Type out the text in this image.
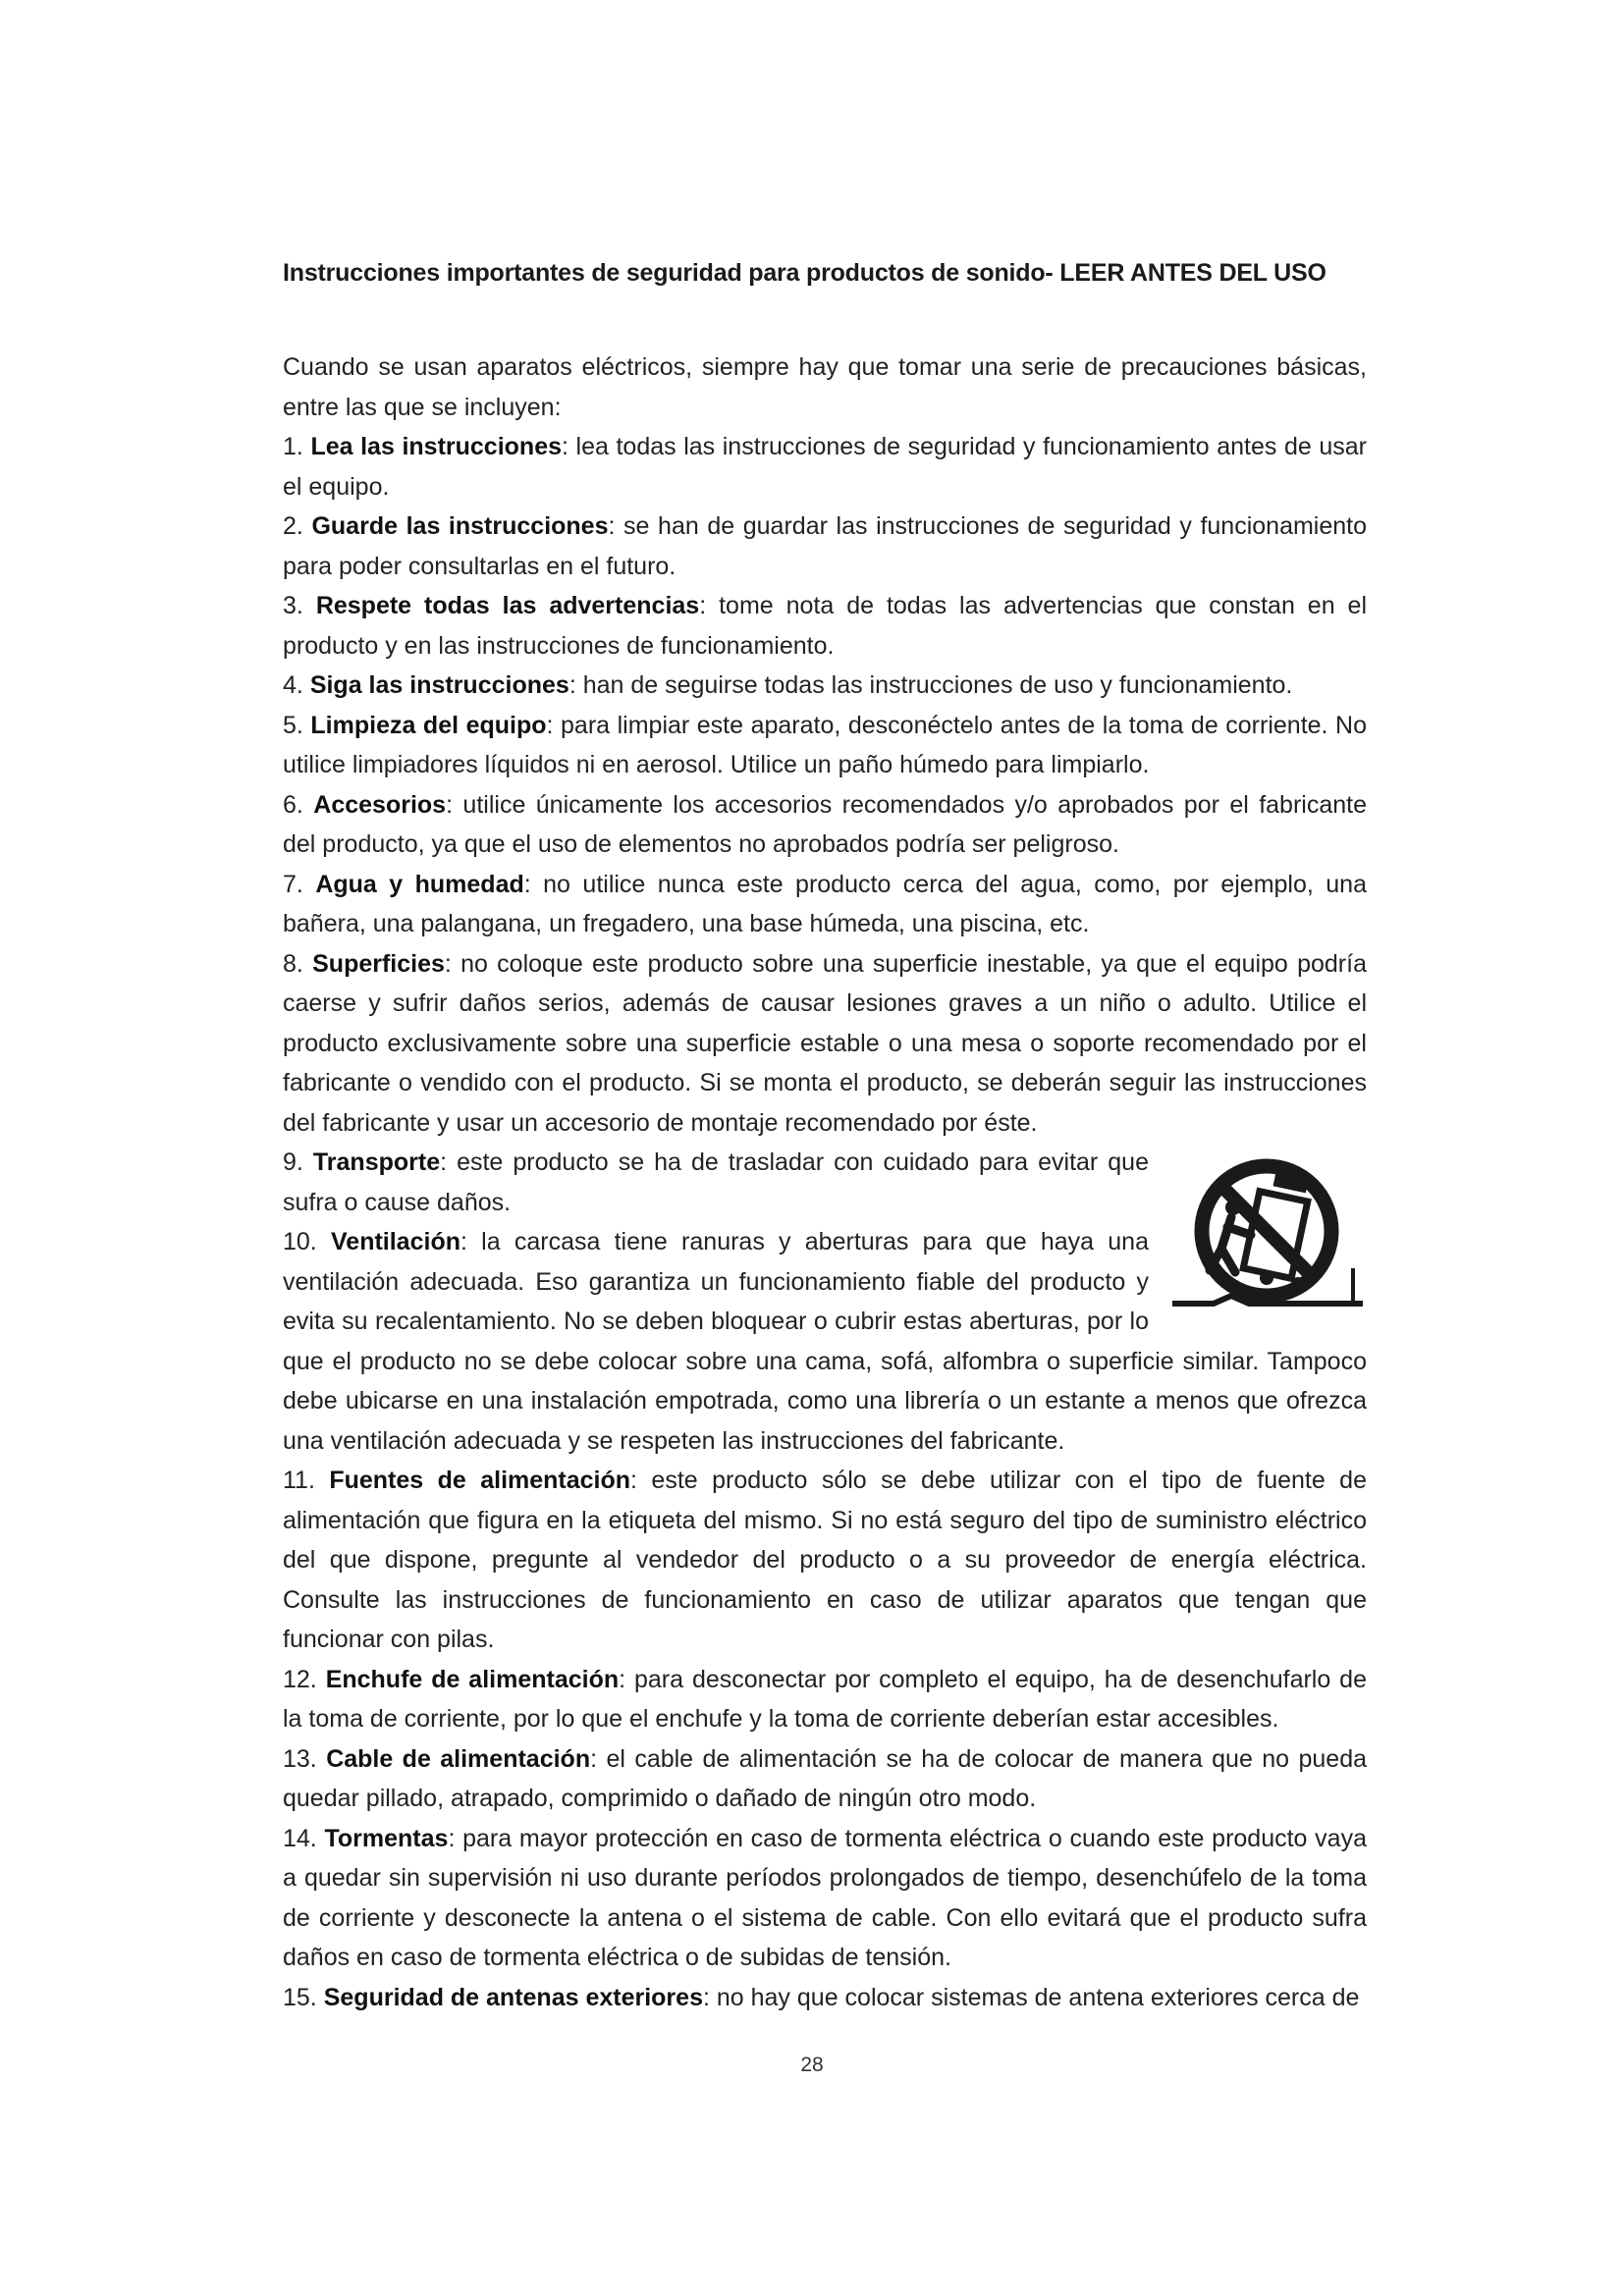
Instrucciones importantes de seguridad para productos de sonido- LEER ANTES DEL USO

Cuando se usan aparatos eléctricos, siempre hay que tomar una serie de precauciones básicas, entre las que se incluyen:

1. Lea las instrucciones: lea todas las instrucciones de seguridad y funcionamiento antes de usar el equipo.

2. Guarde las instrucciones: se han de guardar las instrucciones de seguridad y funcionamiento para poder consultarlas en el futuro.

3. Respete todas las advertencias: tome nota de todas las advertencias que constan en el producto y en las instrucciones de funcionamiento.

4. Siga las instrucciones: han de seguirse todas las instrucciones de uso y funcionamiento.

5. Limpieza del equipo: para limpiar este aparato, desconéctelo antes de la toma de corriente. No utilice limpiadores líquidos ni en aerosol. Utilice un paño húmedo para limpiarlo.

6. Accesorios: utilice únicamente los accesorios recomendados y/o aprobados por el fabricante del producto, ya que el uso de elementos no aprobados podría ser peligroso.

7. Agua y humedad: no utilice nunca este producto cerca del agua, como, por ejemplo, una bañera, una palangana, un fregadero, una base húmeda, una piscina, etc.

8. Superficies: no coloque este producto sobre una superficie inestable, ya que el equipo podría caerse y sufrir daños serios, además de causar lesiones graves a un niño o adulto. Utilice el producto exclusivamente sobre una superficie estable o una mesa o soporte recomendado por el fabricante o vendido con el producto. Si se monta el producto, se deberán seguir las instrucciones del fabricante y usar un accesorio de montaje recomendado por éste.

9. Transporte: este producto se ha de trasladar con cuidado para evitar que sufra o cause daños.

10. Ventilación: la carcasa tiene ranuras y aberturas para que haya una ventilación adecuada. Eso garantiza un funcionamiento fiable del producto y evita su recalentamiento. No se deben bloquear o cubrir estas aberturas, por lo que el producto no se debe colocar sobre una cama, sofá, alfombra o superficie similar. Tampoco debe ubicarse en una instalación empotrada, como una librería o un estante a menos que ofrezca una ventilación adecuada y se respeten las instrucciones del fabricante.

11. Fuentes de alimentación: este producto sólo se debe utilizar con el tipo de fuente de alimentación que figura en la etiqueta del mismo. Si no está seguro del tipo de suministro eléctrico del que dispone, pregunte al vendedor del producto o a su proveedor de energía eléctrica. Consulte las instrucciones de funcionamiento en caso de utilizar aparatos que tengan que funcionar con pilas.

12. Enchufe de alimentación: para desconectar por completo el equipo, ha de desenchufarlo de la toma de corriente, por lo que el enchufe y la toma de corriente deberían estar accesibles.

13. Cable de alimentación: el cable de alimentación se ha de colocar de manera que no pueda quedar pillado, atrapado, comprimido o dañado de ningún otro modo.

14. Tormentas: para mayor protección en caso de tormenta eléctrica o cuando este producto vaya a quedar sin supervisión ni uso durante períodos prolongados de tiempo, desenchúfelo de la toma de corriente y desconecte la antena o el sistema de cable. Con ello evitará que el producto sufra daños en caso de tormenta eléctrica o de subidas de tensión.

15. Seguridad de antenas exteriores: no hay que colocar sistemas de antena exteriores cerca de

28
